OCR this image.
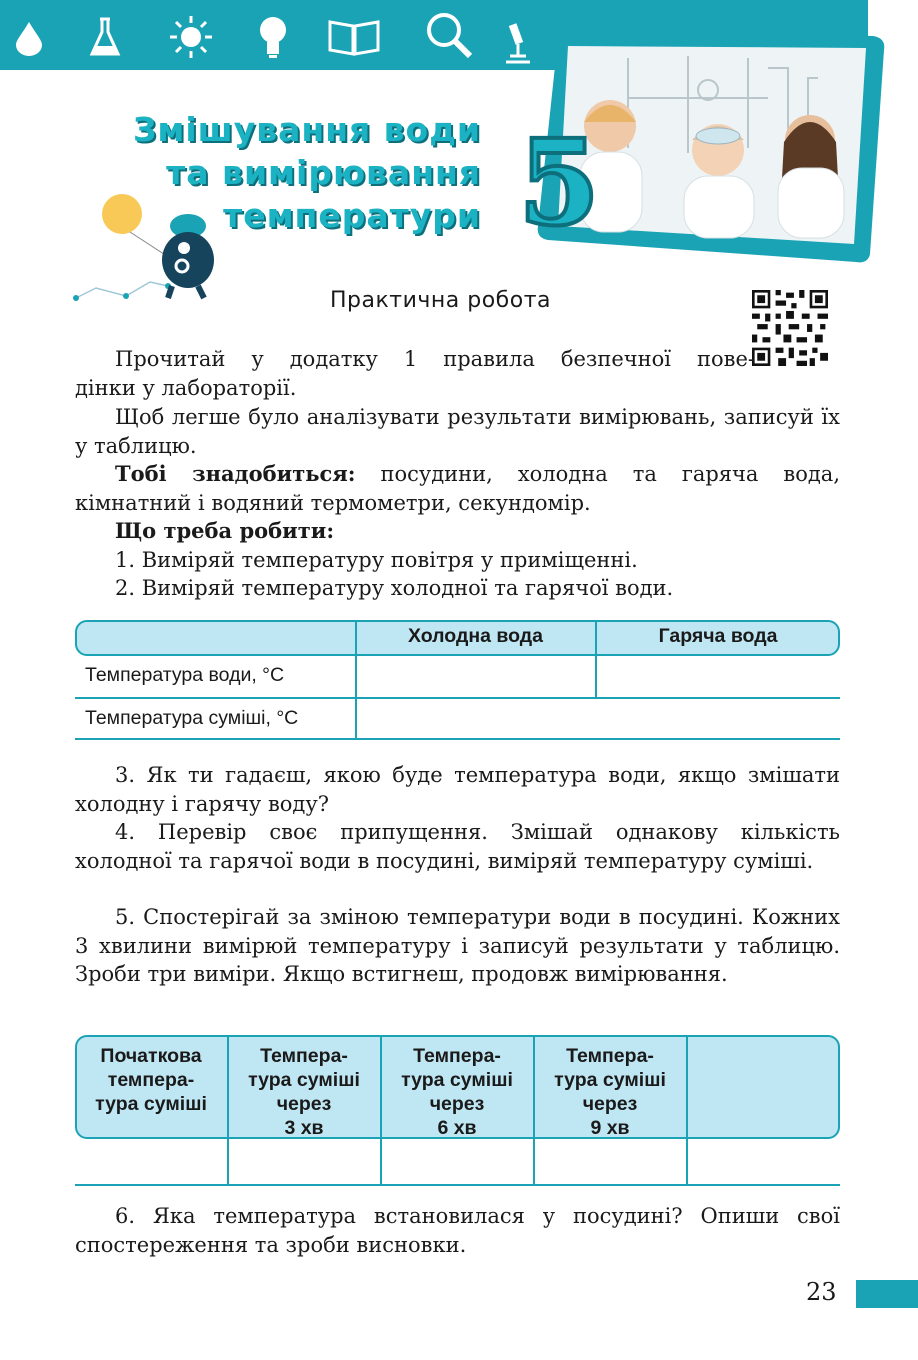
5
Змішування води
та вимірювання
температури
Практична робота
Прочитай у додатку 1 правила безпечної пове-
дінки у лабораторії.
Щоб легше було аналізувати результати вимірювань, записуй їх у таблицю.
Тобі знадобиться: посудини, холодна та гаряча вода, кімнатний і водяний термометри, секундомір.
Що треба робити:
1. Виміряй температуру повітря у приміщенні.
2. Виміряй температуру холодної та гарячої води.
Холодна вода	Гаряча вода
Температура води, °С
Температура суміші, °С
3. Як ти гадаєш, якою буде температура води, якщо змішати холодну і гарячу воду?
4. Перевір своє припущення. Змішай однакову кількість холодної та гарячої води в посудині, виміряй температуру суміші.
5. Спостерігай за зміною температури води в посудині. Кожних 3 хвилини вимірюй температуру і записуй результати у таблицю. Зроби три виміри. Якщо встигнеш, продовж вимірювання.
Початкова
темпера-
тура суміші
Темпера-
тура суміші
через
3 хв
Темпера-
тура суміші
через
6 хв
Темпера-
тура суміші
через
9 хв
6. Яка температура встановилася у посудині? Опиши свої спостереження та зроби висновки.
23
